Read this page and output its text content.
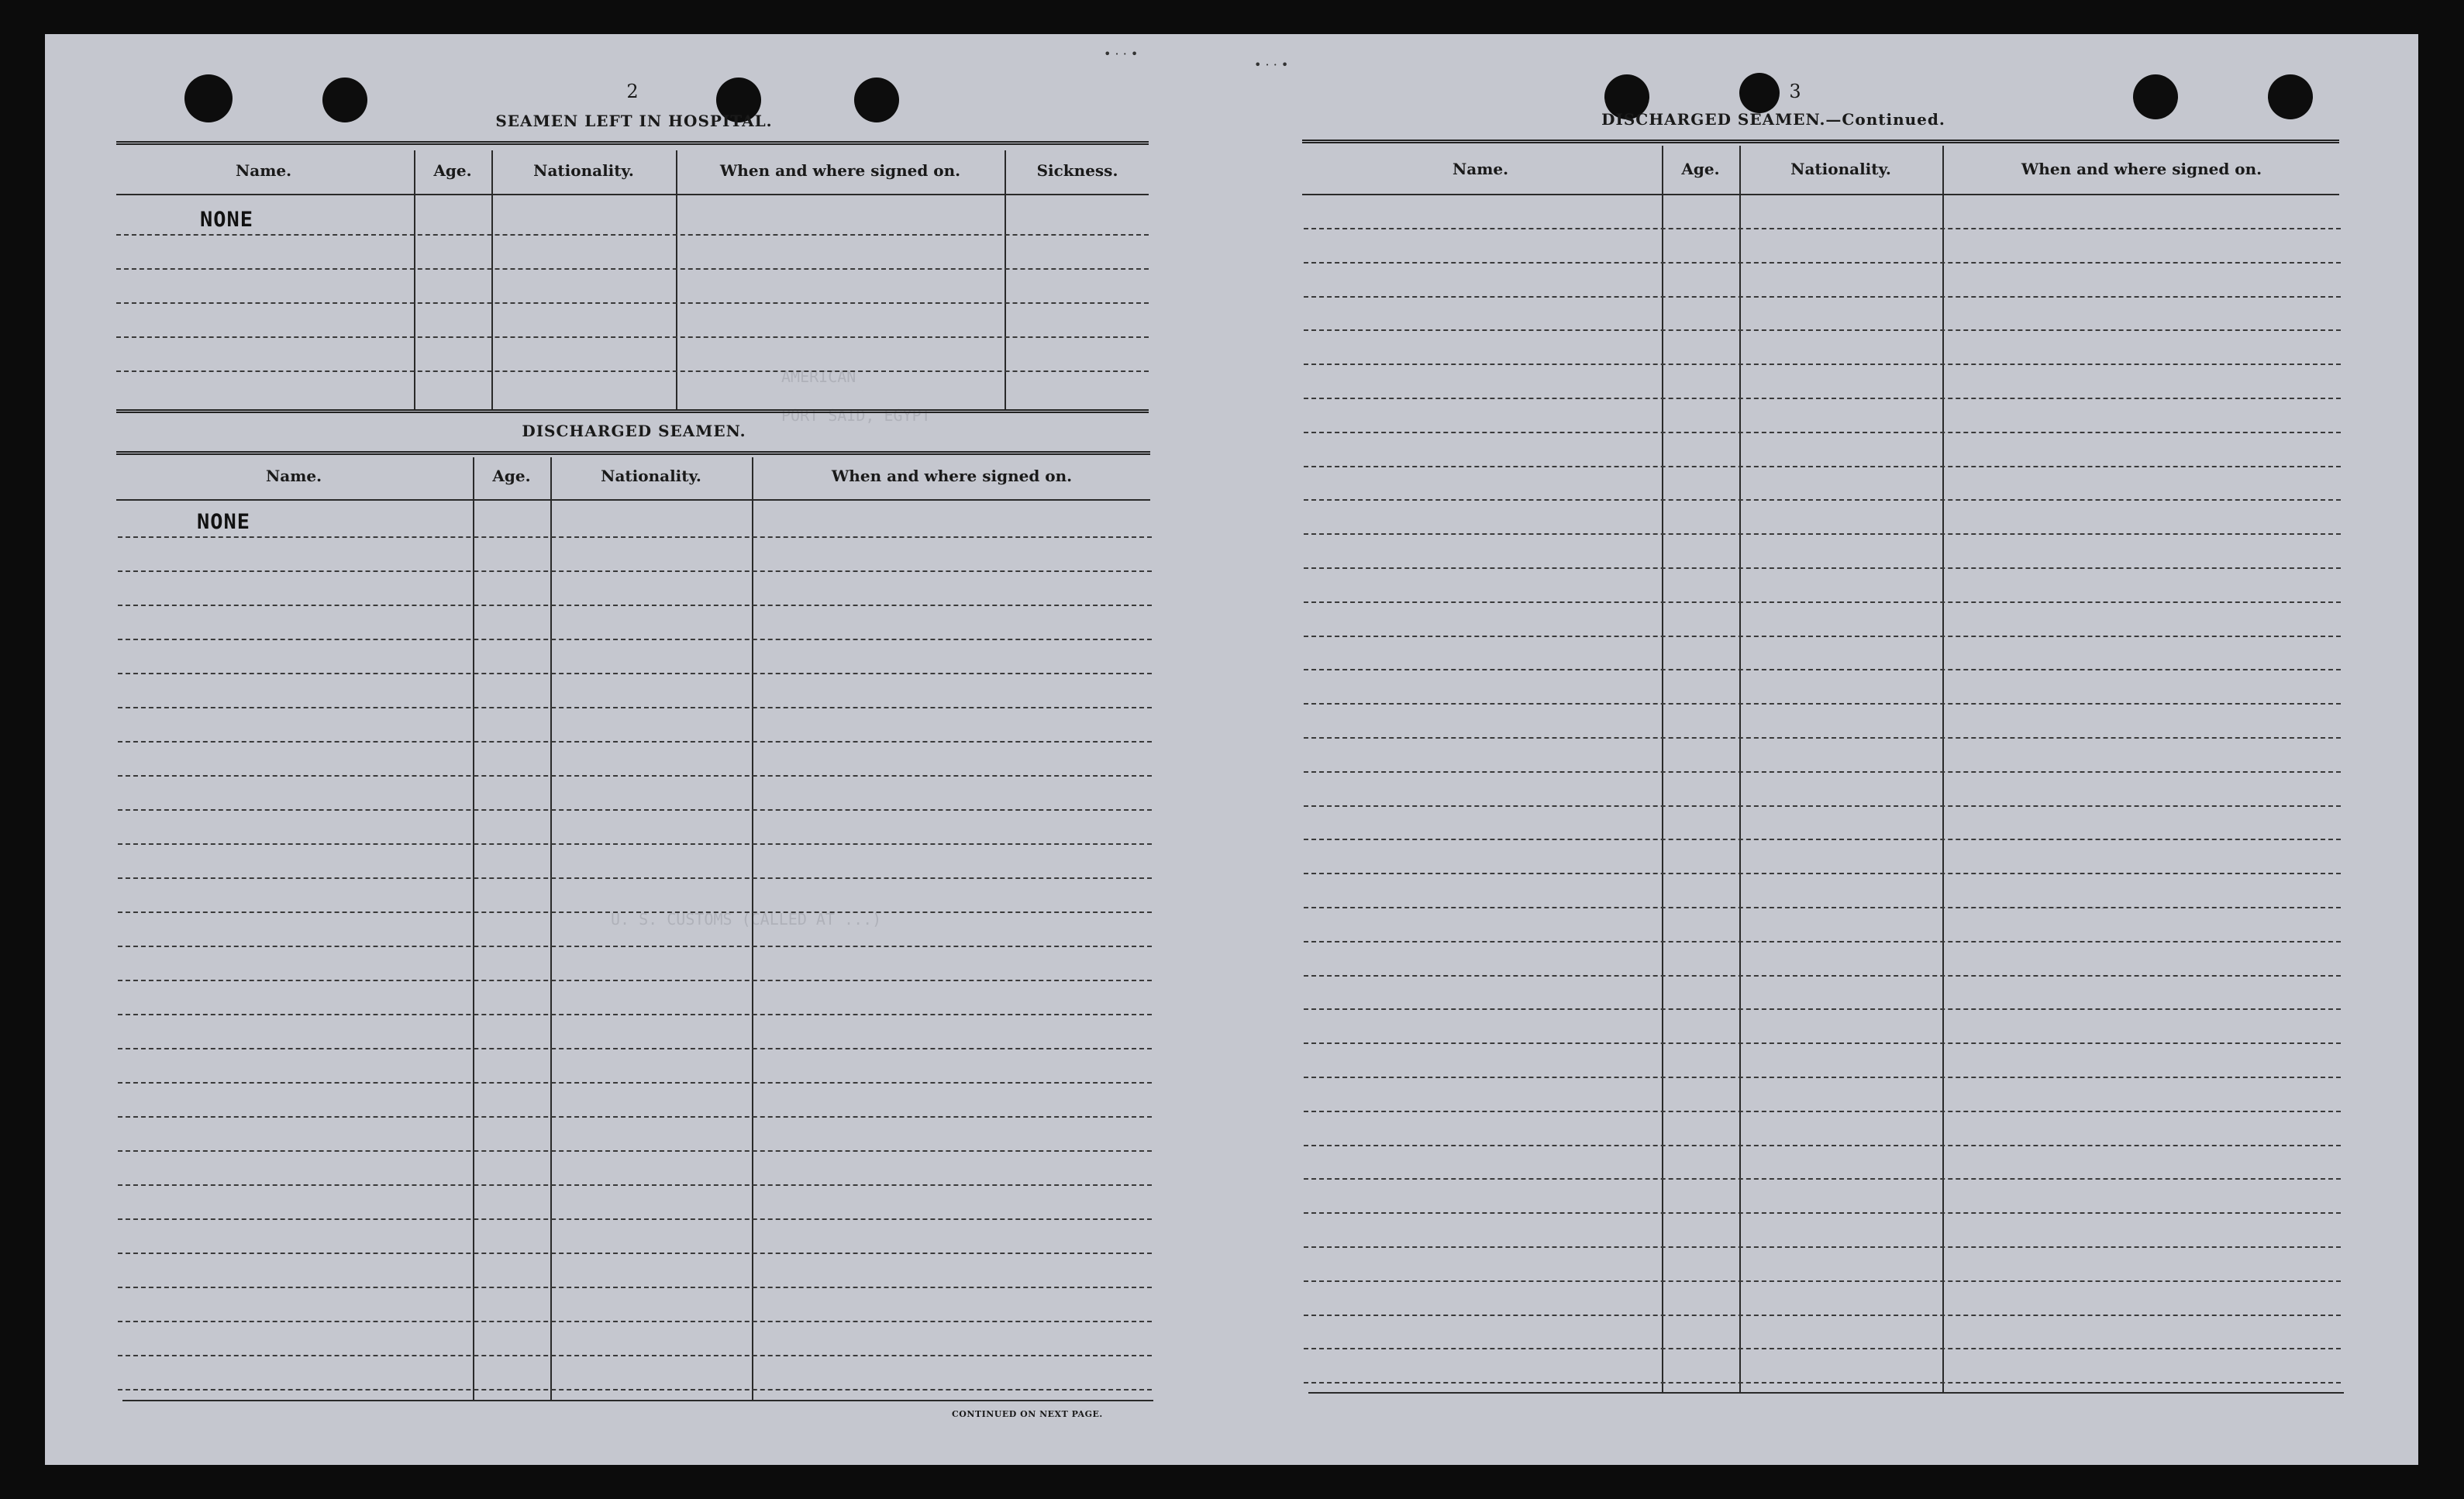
• · · •
• · · •
AMERICAN
PORT SAID, EGYPT
U. S. CUSTOMS (CALLED AT ...)
...............
2
SEAMEN LEFT IN HOSPITAL.
Name.	Age.	Nationality.	When and where signed on.	Sickness.
NONE
DISCHARGED SEAMEN.
Name.	Age.	Nationality.	When and where signed on.
NONE
CONTINUED ON NEXT PAGE.
3
DISCHARGED SEAMEN.—Continued.
Name.	Age.	Nationality.	When and where signed on.
